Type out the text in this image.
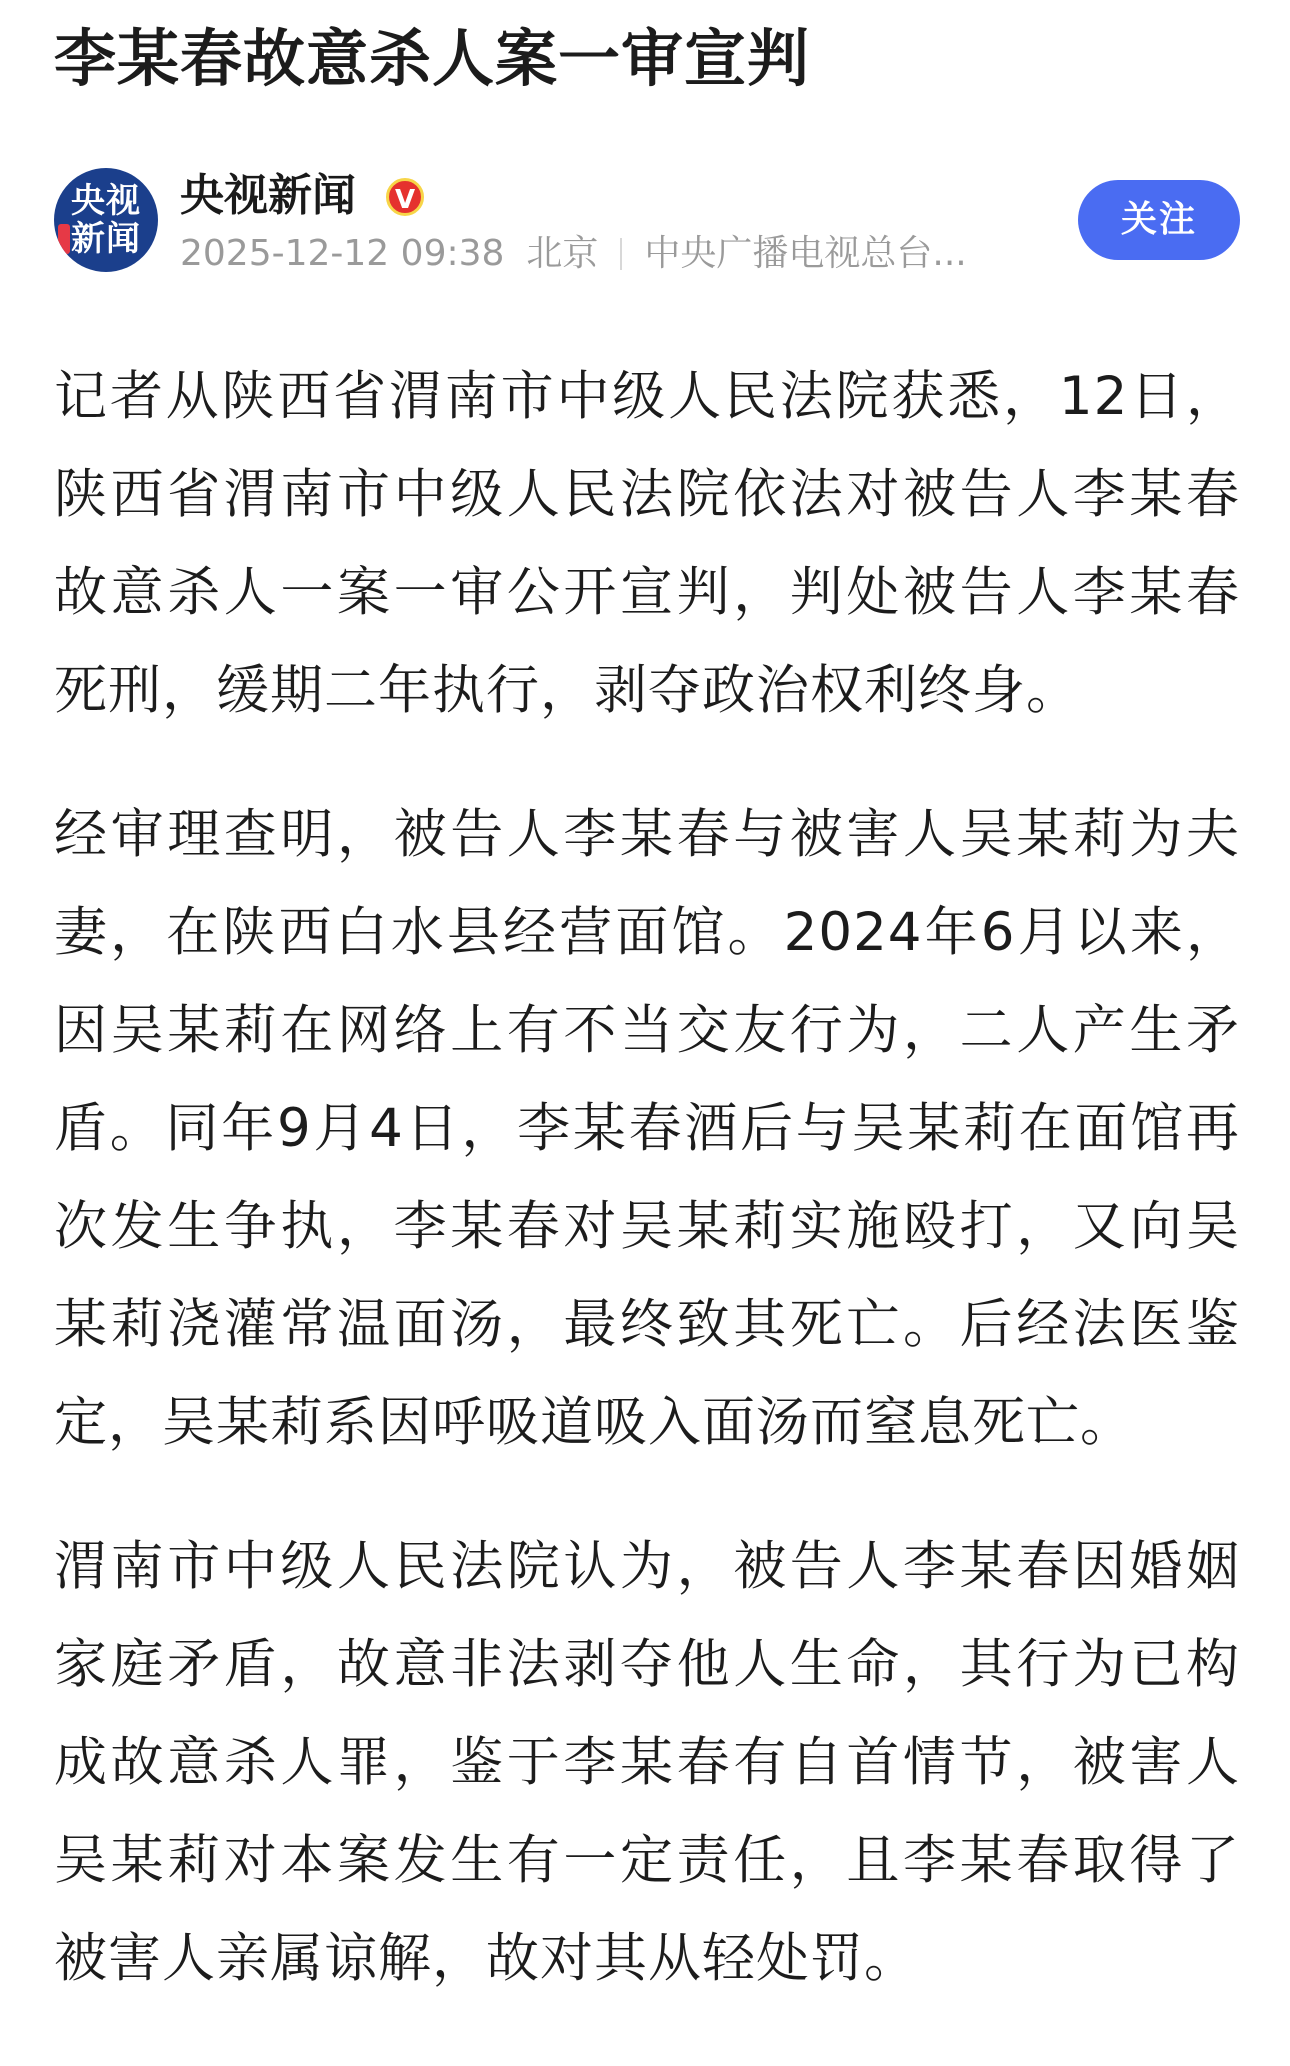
李某春故意杀人案一审宣判
央视
新闻
央视新闻	V
2025-12-12 09:38 北京 中央广播电视总台...
关注

记者从陕西省渭南市中级人民法院获悉，12日，陕西省渭南市中级人民法院依法对被告人李某春故意杀人一案一审公开宣判，判处被告人李某春死刑，缓期二年执行，剥夺政治权利终身。

经审理查明，被告人李某春与被害人吴某莉为夫妻，在陕西白水县经营面馆。2024年6月以来，因吴某莉在网络上有不当交友行为，二人产生矛盾。同年9月4日，李某春酒后与吴某莉在面馆再次发生争执，李某春对吴某莉实施殴打，又向吴某莉浇灌常温面汤，最终致其死亡。后经法医鉴定，吴某莉系因呼吸道吸入面汤而窒息死亡。

渭南市中级人民法院认为，被告人李某春因婚姻家庭矛盾，故意非法剥夺他人生命，其行为已构成故意杀人罪，鉴于李某春有自首情节，被害人吴某莉对本案发生有一定责任，且李某春取得了被害人亲属谅解，故对其从轻处罚。
